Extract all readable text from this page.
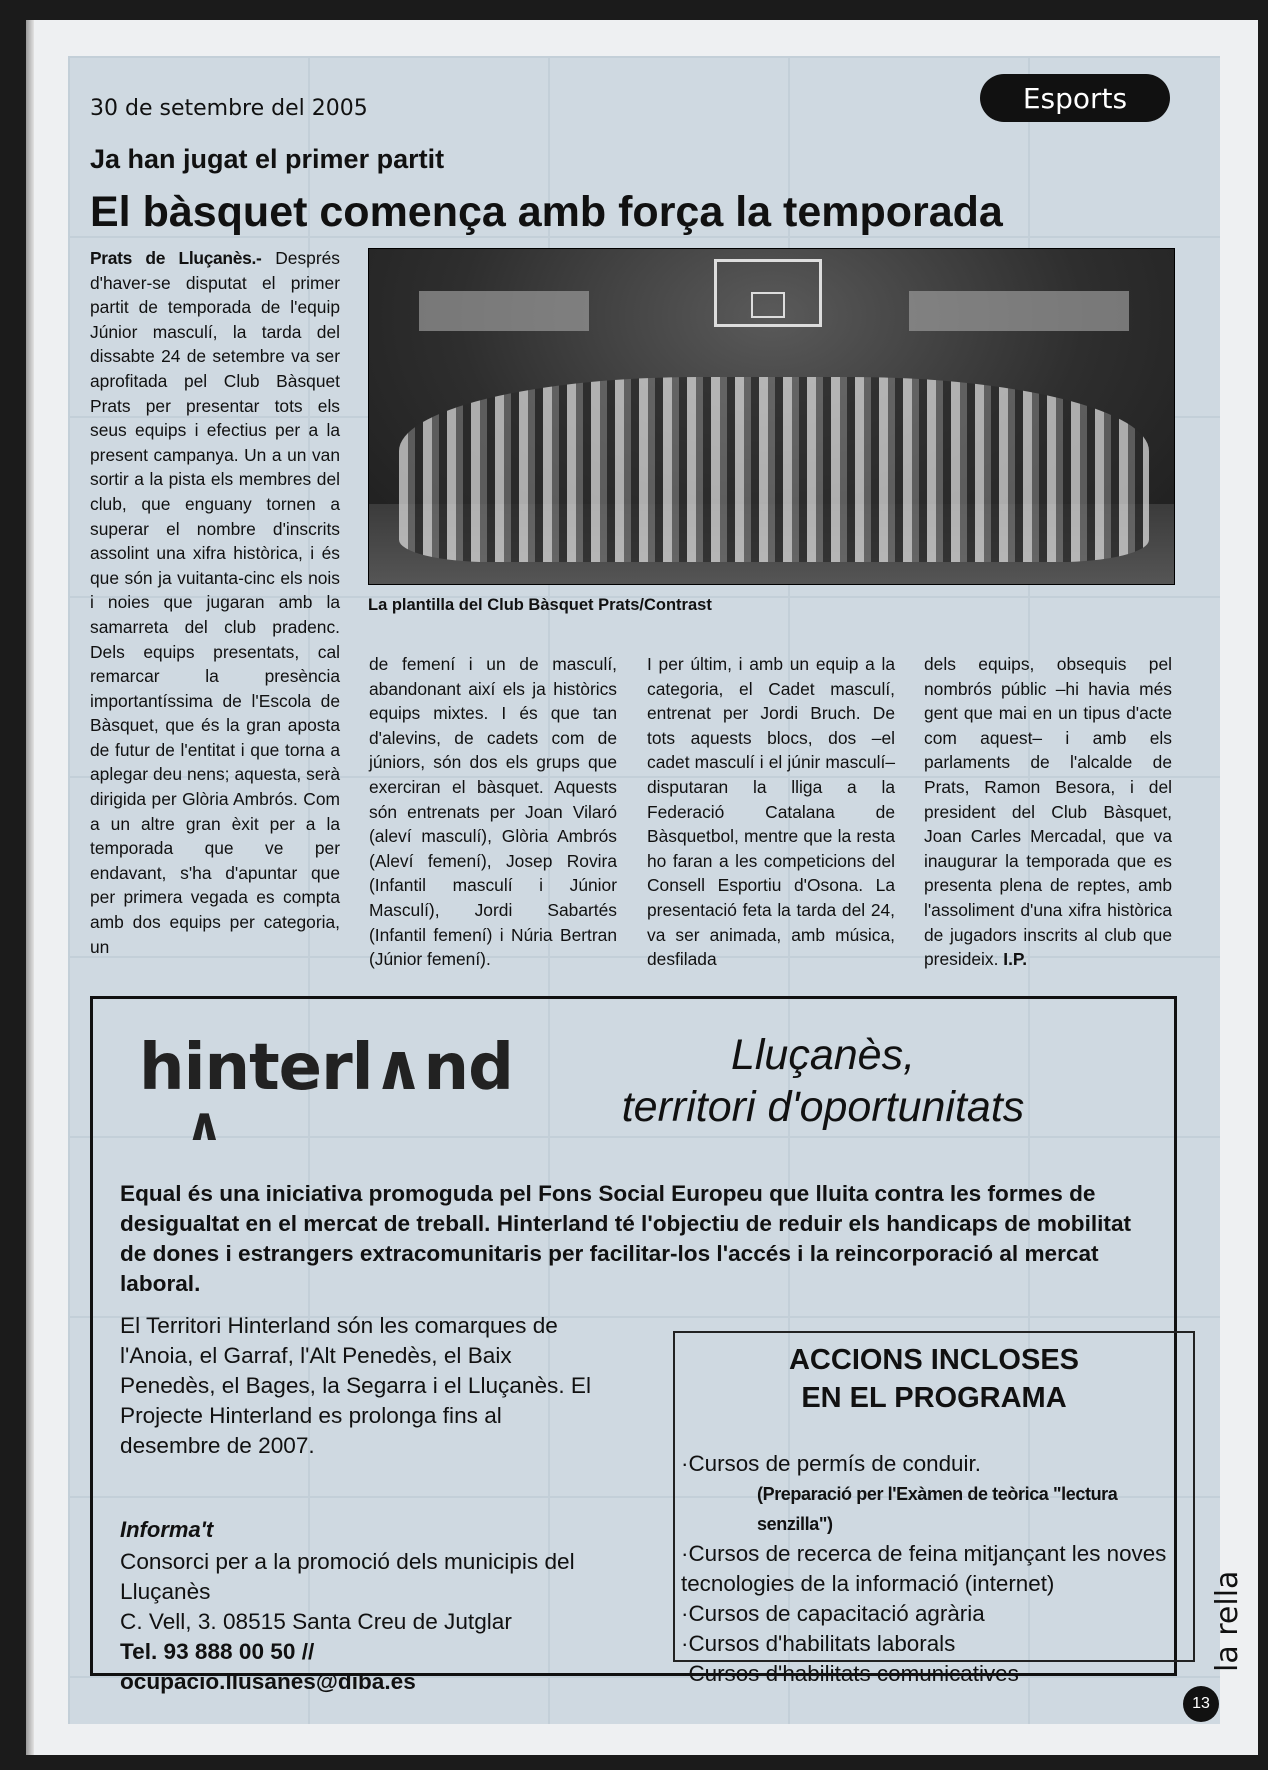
30 de setembre del 2005	Esports
Ja han jugat el primer partit
El bàsquet comença amb força la temporada
Prats de Lluçanès.- Després d'haver-se disputat el primer partit de temporada de l'equip Júnior masculí, la tarda del dissabte 24 de setembre va ser aprofitada pel Club Bàsquet Prats per presentar tots els seus equips i efectius per a la present campanya. Un a un van sortir a la pista els membres del club, que enguany tornen a superar el nombre d'inscrits assolint una xifra històrica, i és que són ja vuitanta-cinc els nois i noies que jugaran amb la samarreta del club pradenc. Dels equips presentats, cal remarcar la presència importantíssima de l'Escola de Bàsquet, que és la gran aposta de futur de l'entitat i que torna a aplegar deu nens; aquesta, serà dirigida per Glòria Ambrós. Com a un altre gran èxit per a la temporada que ve per endavant, s'ha d'apuntar que per primera vegada es compta amb dos equips per categoria, un
La plantilla del Club Bàsquet Prats/Contrast
de femení i un de masculí, abandonant així els ja històrics equips mixtes. I és que tan d'alevins, de cadets com de júniors, són dos els grups que exerciran el bàsquet. Aquests són entrenats per Joan Vilaró (aleví masculí), Glòria Ambrós (Aleví femení), Josep Rovira (Infantil masculí i Júnior Masculí), Jordi Sabartés (Infantil femení) i Núria Bertran (Júnior femení).
I per últim, i amb un equip a la categoria, el Cadet masculí, entrenat per Jordi Bruch. De tots aquests blocs, dos –el cadet masculí i el júnir masculí– disputaran la lliga a la Federació Catalana de Bàsquetbol, mentre que la resta ho faran a les competicions del Consell Esportiu d'Osona. La presentació feta la tarda del 24, va ser animada, amb música, desfilada
dels equips, obsequis pel nombrós públic –hi havia més gent que mai en un tipus d'acte com aquest– i amb els parlaments de l'alcalde de Prats, Ramon Besora, i del president del Club Bàsquet, Joan Carles Mercadal, que va inaugurar la temporada que es presenta plena de reptes, amb l'assoliment d'una xifra històrica de jugadors inscrits al club que presideix. I.P.
hi
∧
nterl∧nd	Lluçanès,
territori d'oportunitats
Equal és una iniciativa promoguda pel Fons Social Europeu que lluita contra les formes de desigualtat en el mercat de treball. Hinterland té l'objectiu de reduir els handicaps de mobilitat de dones i estrangers extracomunitaris per facilitar-los l'accés i la reincorporació al mercat laboral.
El Territori Hinterland són les comarques de l'Anoia, el Garraf, l'Alt Penedès, el Baix Penedès, el Bages, la Segarra i el Lluçanès. El Projecte Hinterland es prolonga fins al desembre de 2007.
Informa't
Consorci per a la promoció dels municipis del Lluçanès
C. Vell, 3. 08515 Santa Creu de Jutglar
Tel. 93 888 00 50 // ocupacio.llusanes@diba.es
ACCIONS INCLOSES
EN EL PROGRAMA
·Cursos de permís de conduir.
(Preparació per l'Exàmen de teòrica "lectura senzilla")
·Cursos de recerca de feina mitjançant les noves tecnologies de la informació (internet)
·Cursos de capacitació agrària
·Cursos d'habilitats laborals
·Cursos d'habilitats comunicatives
la rella
13
